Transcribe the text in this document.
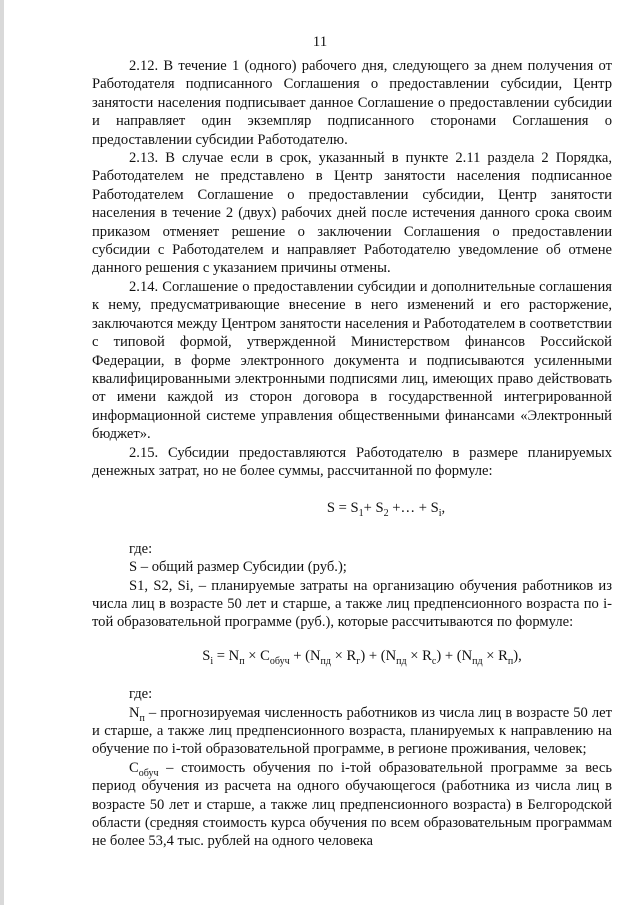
11

2.12. В течение 1 (одного) рабочего дня, следующего за днем получения от Работодателя подписанного Соглашения о предоставлении субсидии, Центр занятости населения подписывает данное Соглашение о предоставлении субсидии и направляет один экземпляр подписанного сторонами Соглашения о предоставлении субсидии Работодателю.

2.13. В случае если в срок, указанный в пункте 2.11 раздела 2 Порядка, Работодателем не представлено в Центр занятости населения подписанное Работодателем Соглашение о предоставлении субсидии, Центр занятости населения в течение 2 (двух) рабочих дней после истечения данного срока своим приказом отменяет решение о заключении Соглашения о предоставлении субсидии с Работодателем и направляет Работодателю уведомление об отмене данного решения с указанием причины отмены.

2.14. Соглашение о предоставлении субсидии и дополнительные соглашения к нему, предусматривающие внесение в него изменений и его расторжение, заключаются между Центром занятости населения и Работодателем в соответствии с типовой формой, утвержденной Министерством финансов Российской Федерации, в форме электронного документа и подписываются усиленными квалифицированными электронными подписями лиц, имеющих право действовать от имени каждой из сторон договора в государственной интегрированной информационной системе управления общественными финансами «Электронный бюджет».

2.15. Субсидии предоставляются Работодателю в размере планируемых денежных затрат, но не более суммы, рассчитанной по формуле:

$S = S_1+ S_2$ +… + $S_i$,

где:

S – общий размер Субсидии (руб.);

S1, S2, Si, – планируемые затраты на организацию обучения работников из числа лиц в возрасте 50 лет и старше, а также лиц предпенсионного возраста по i-той образовательной программе (руб.), которые рассчитываются по формуле:

$S_i = N_п \times C_{обуч} + (N_{пд} \times R_г) + (N_{пд} \times R_с) + (N_{пд} \times R_п)$,

где:

$N_п$ – прогнозируемая численность работников из числа лиц в возрасте 50 лет и старше, а также лиц предпенсионного возраста, планируемых к направлению на обучение по i-той образовательной программе, в регионе проживания, человек;

$C_{обуч}$ – стоимость обучения по i-той образовательной программе за весь период обучения из расчета на одного обучающегося (работника из числа лиц в возрасте 50 лет и старше, а также лиц предпенсионного возраста) в Белгородской области (средняя стоимость курса обучения по всем образовательным программам не более 53,4 тыс. рублей на одного человека
